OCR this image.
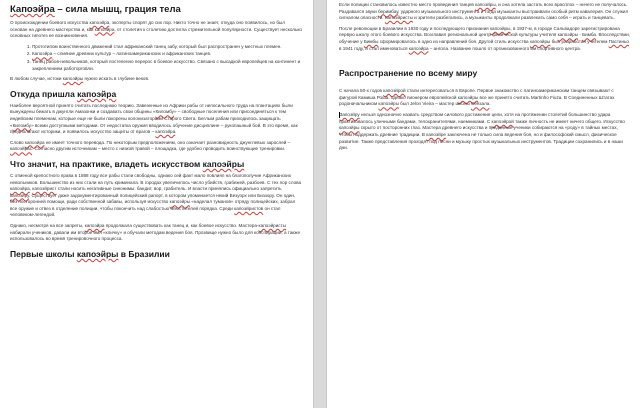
Капоэйра – сила мышц, грация тела

О происхождении боевого искусства капоэйра, эксперты спорят до сих пор. Никто точно не знает, откуда оно появилось, но был основан на древнего мастерства и, как капоэйра, от столетия к столетию достигла стремительной популярности. Существует несколько основных гипотез ее возникновения.

1. Прототипом воинственного движений стал африканский танец забу, который был распространен у местных племен.
2. Капоэйра – слияние древних культур – латиноамериканских и африканских танцев.
3. Танец рабов-невольников, который постепенно перерос в боевое искусство. Связано с высадкой европейцев на континент и закреплением работорговли.

В любом случае, истоки капоэйры нужно искать в глубине веков.

Откуда пришла капоэйра

Наиболее вероятной принято считать последнюю теорию. Завезенные из Африки рабы от непосильного труда на плантациях были вынуждены бежать в джунгли Амазонки и создавать свои общины «Киломбу» – свободные поселения или присоединяться к тем индейским племенам, которые еще не были покорены колонизаторами Старого Света. Беглым рабам приходилось защищать «Киломбу» всеми доступными методами. От недостатка оружия вводилось обучение дисциплине – рукопашный бой. В это время, как предполагают историки, и появилось искусство защиты от врагов – капоэйра.

Слово капоэйра не имеет точного перевода. По некоторым предположениям, оно означает разновидность джунглевых зарослей – капоэйрас. Согласно другим источникам – место с низкой травой – площадка, где удобно проводить воинствующие тренировки.

Что значит, на практике, владеть искусством капоэйры

С отменой крепостного права в 1888 году все рабы стали свободны, однако сей факт мало повлиял на благополучие Африканских невольников. Большинство из них стали на путь криминала. В городах увеличилось число убийств, грабежей, разбоев. С тех пор слова капоэйра, капоэйрист стали носить негативные синонимы: бандит, вор, грабитель. И власти принялись официально запретить капоэйру. Существует даже задокументированный полицейский рапорт, в котором упоминается некий Везуорх или Биззору. Он один, без посторонней помощи, ради собственной забавы, используя искусство капоэйры «наделал туманов» отряду полицейских, забрал все оружие и отвез в отделение полиции, чтобы покончить над слабостью блюстителей порядка. Среди капоэйристов он стал человеком-легендой.

Однако, несмотря на все запреты, капоэйра продолжала существовать как танец и, как боевое искусство. Мастера-капоэйристы набирали учеников, давали им второе имя «кличку» и обучали методам ведения боя. Прозвище нужно было для конспирации, а также использовалось во время тренировочного процесса.

Первые школы капоэйры в Бразилии

Если полиции становилось известно место проведения танцев капоэйры, и она хотела застать всех врасплох – ничего не получалось. Раздавался звуки беримбау, ударного музыкального инструмента и тогда музыканты выстраивали особый ритм кавалерия. Он служил сигналом опасности. Капоэйристы и зрители разбегались, а музыканты продолжали развлекать само себя – играть и танцевать.

После революции в Бразилии в 1930 году и последующего признания капоэйры, в 1937-м, в городе Сальвадоре зарегистрирована первую школу этого боевого искусства. Возглавил региональной центр физической культуры учителя капоэйры - Бимба. Впоследствии, обучение у Бимбы сформировалось в одно из направлений боя. Другой стиль искусства капоэйры был разработан учителем Пастиньо в 1941 году, и стал именоваться капоэйра – ангола. Название пошло от организованного им спортивного центра.

Распространение по всему миру

С начала 50-х годов капоэйрой стали интересоваться в Европе. Первое знакомство с латиноамериканским танцем связывают с фигурой Камиша Роша, однако пионером европейской капоэйры все же принято считать Martinho Fiuza. В Соединенных Штатах родоначальником капоэйры был Jelon Vieira – мастер школы Сензала.

Запоэйру нельзя однозначно назвать средством силового достижения цели, хотя на протяжении столетий большинство удара практиковалось уличными бандами, телохранителями, наемниками. С капоэйрой также личность не имеет ничего общего. Искусство капоэйры скрыто от посторонних глаз. Мастера древнего искусства и преданные ученики собираются на «роду» в тайных местах, чтобы поддержать древние традиции. В капоэйре заключена не только сила ведения боя, но и философский смысл, физическое развитие. Также представления проходят под песни и музыку простых музыкальных инструментов. Традиции сохранились и в наши дни.
